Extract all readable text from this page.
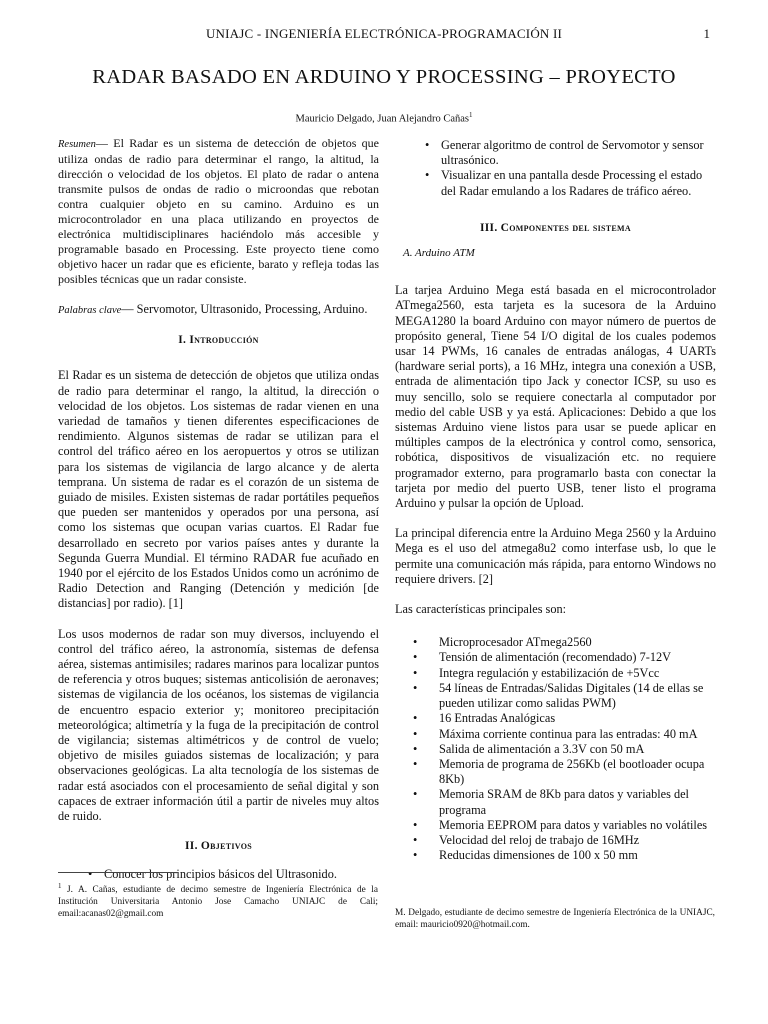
UNIAJC - INGENIERÍA ELECTRÓNICA-PROGRAMACIÓN II	1
RADAR BASADO EN ARDUINO Y PROCESSING – PROYECTO
Mauricio Delgado, Juan Alejandro Cañas$^1$

Resumen— El Radar es un sistema de detección de objetos que utiliza ondas de radio para determinar el rango, la altitud, la dirección o velocidad de los objetos. El plato de radar o antena transmite pulsos de ondas de radio o microondas que rebotan contra cualquier objeto en su camino. Arduino es un microcontrolador en una placa utilizando en proyectos de electrónica multidisciplinares haciéndolo más accesible y programable basado en Processing. Este proyecto tiene como objetivo hacer un radar que es eficiente, barato y refleja todas las posibles técnicas que un radar consiste.

Palabras clave— Servomotor, Ultrasonido, Processing, Arduino.

I. Introducción

El Radar es un sistema de detección de objetos que utiliza ondas de radio para determinar el rango, la altitud, la dirección o velocidad de los objetos. Los sistemas de radar vienen en una variedad de tamaños y tienen diferentes especificaciones de rendimiento. Algunos sistemas de radar se utilizan para el control del tráfico aéreo en los aeropuertos y otros se utilizan para los sistemas de vigilancia de largo alcance y de alerta temprana. Un sistema de radar es el corazón de un sistema de guiado de misiles. Existen sistemas de radar portátiles pequeños que pueden ser mantenidos y operados por una persona, así como los sistemas que ocupan varias cuartos. El Radar fue desarrollado en secreto por varios países antes y durante la Segunda Guerra Mundial. El término RADAR fue acuñado en 1940 por el ejército de los Estados Unidos como un acrónimo de Radio Detection and Ranging (Detención y medición [de distancias] por radio). [1]

Los usos modernos de radar son muy diversos, incluyendo el control del tráfico aéreo, la astronomía, sistemas de defensa aérea, sistemas antimisiles; radares marinos para localizar puntos de referencia y otros buques; sistemas anticolisión de aeronaves; sistemas de vigilancia de los océanos, los sistemas de vigilancia de encuentro espacio exterior y; monitoreo precipitación meteorológica; altimetría y la fuga de la precipitación de control de vigilancia; sistemas altimétricos y de control de vuelo; objetivo de misiles guiados sistemas de localización; y para observaciones geológicas. La alta tecnología de los sistemas de radar está asociados con el procesamiento de señal digital y son capaces de extraer información útil a partir de niveles muy altos de ruido.

II. Objetivos
• Conocer los principios básicos del Ultrasonido.
• Generar algoritmo de control de Servomotor y sensor ultrasónico.
• Visualizar en una pantalla desde Processing el estado del Radar emulando a los Radares de tráfico aéreo.
III. Componentes del sistema
A. Arduino ATM

La tarjea Arduino Mega está basada en el microcontrolador ATmega2560, esta tarjeta es la sucesora de la Arduino MEGA1280 la board Arduino con mayor número de puertos de propósito general, Tiene 54 I/O digital de los cuales podemos usar 14 PWMs, 16 canales de entradas análogas, 4 UARTs (hardware serial ports), a 16 MHz, integra una conexión a USB, entrada de alimentación tipo Jack y conector ICSP, su uso es muy sencillo, solo se requiere conectarla al computador por medio del cable USB y ya está. Aplicaciones: Debido a que los sistemas Arduino viene listos para usar se puede aplicar en múltiples campos de la electrónica y control como, sensorica, robótica, dispositivos de visualización etc. no requiere programador externo, para programarlo basta con conectar la tarjeta por medio del puerto USB, tener listo el programa Arduino y pulsar la opción de Upload.

La principal diferencia entre la Arduino Mega 2560 y la Arduino Mega es el uso del atmega8u2 como interfase usb, lo que le permite una comunicación más rápida, para entorno Windows no requiere drivers. [2]

Las características principales son:

• Microprocesador ATmega2560
• Tensión de alimentación (recomendado) 7-12V
• Integra regulación y estabilización de +5Vcc
• 54 líneas de Entradas/Salidas Digitales (14 de ellas se pueden utilizar como salidas PWM)
• 16 Entradas Analógicas
• Máxima corriente continua para las entradas: 40 mA
• Salida de alimentación a 3.3V con 50 mA
• Memoria de programa de 256Kb (el bootloader ocupa 8Kb)
• Memoria SRAM de 8Kb para datos y variables del programa
• Memoria EEPROM para datos y variables no volátiles
• Velocidad del reloj de trabajo de 16MHz
• Reducidas dimensiones de 100 x 50 mm
$^1$ J. A. Cañas, estudiante de decimo semestre de Ingeniería Electrónica de la Institución Universitaria Antonio Jose Camacho UNIAJC de Cali; email:acanas02@gmail.com	M. Delgado, estudiante de decimo semestre de Ingeniería Electrónica de la UNIAJC, email: mauricio0920@hotmail.com.
